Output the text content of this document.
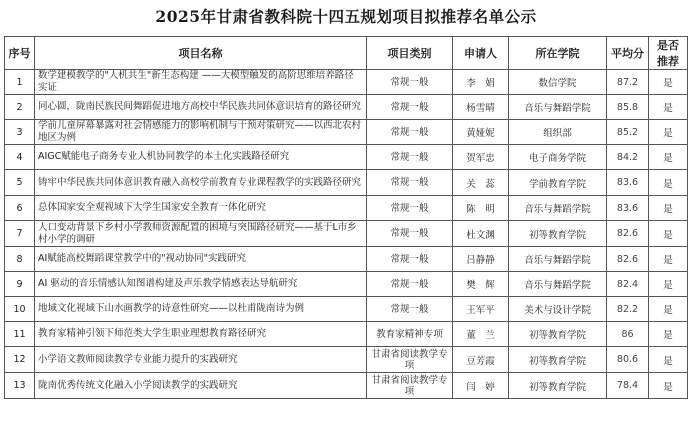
2025年甘肃省教科院十四五规划项目拟推荐名单公示
序号	项目名称	项目类别	申请人	所在学院	平均分	是否推荐
1	数学建模教学的"人机共生"新生态构建 ——大模型触发的高阶思维培养路径实证	常规一般	李　娟	数信学院	87.2	是
2	同心圆，陇南民族民间舞蹈促进地方高校中华民族共同体意识培育的路径研究	常规一般	杨雪晴	音乐与舞蹈学院	85.8	是
3	学前儿童屏幕暴露对社会情感能力的影响机制与干预对策研究——以西北农村地区为例	常规一般	黄娅妮	组织部	85.2	是
4	AIGC赋能电子商务专业人机协同教学的本土化实践路径研究	常规一般	贺军忠	电子商务学院	84.2	是
5	铸牢中华民族共同体意识教育融入高校学前教育专业课程教学的实践路径研究	常规一般	关　蕊	学前教育学院	83.6	是
6	总体国家安全观视域下大学生国家安全教育一体化研究	常规一般	陈　明	音乐与舞蹈学院	83.6	是
7	人口变动背景下乡村小学教师资源配置的困境与突围路径研究——基于L市乡村小学的调研	常规一般	杜文渊	初等教育学院	82.6	是
8	AI赋能高校舞蹈课堂教学中的"视动协同"实践研究	常规一般	吕静静	音乐与舞蹈学院	82.6	是
9	AI 驱动的音乐情感认知图谱构建及声乐教学情感表达导航研究	常规一般	樊　辉	音乐与舞蹈学院	82.4	是
10	地域文化视域下山水画教学的诗意性研究——以杜甫陇南诗为例	常规一般	王军平	美术与设计学院	82.2	是
11	教育家精神引领下师范类大学生职业理想教育路径研究	教育家精神专项	董　兰	初等教育学院	86	是
12	小学语文教师阅读教学专业能力提升的实践研究	甘肃省阅读教学专项	豆芳霞	初等教育学院	80.6	是
13	陇南优秀传统文化融入小学阅读教学的实践研究	甘肃省阅读教学专项	闫　婷	初等教育学院	78.4	是
